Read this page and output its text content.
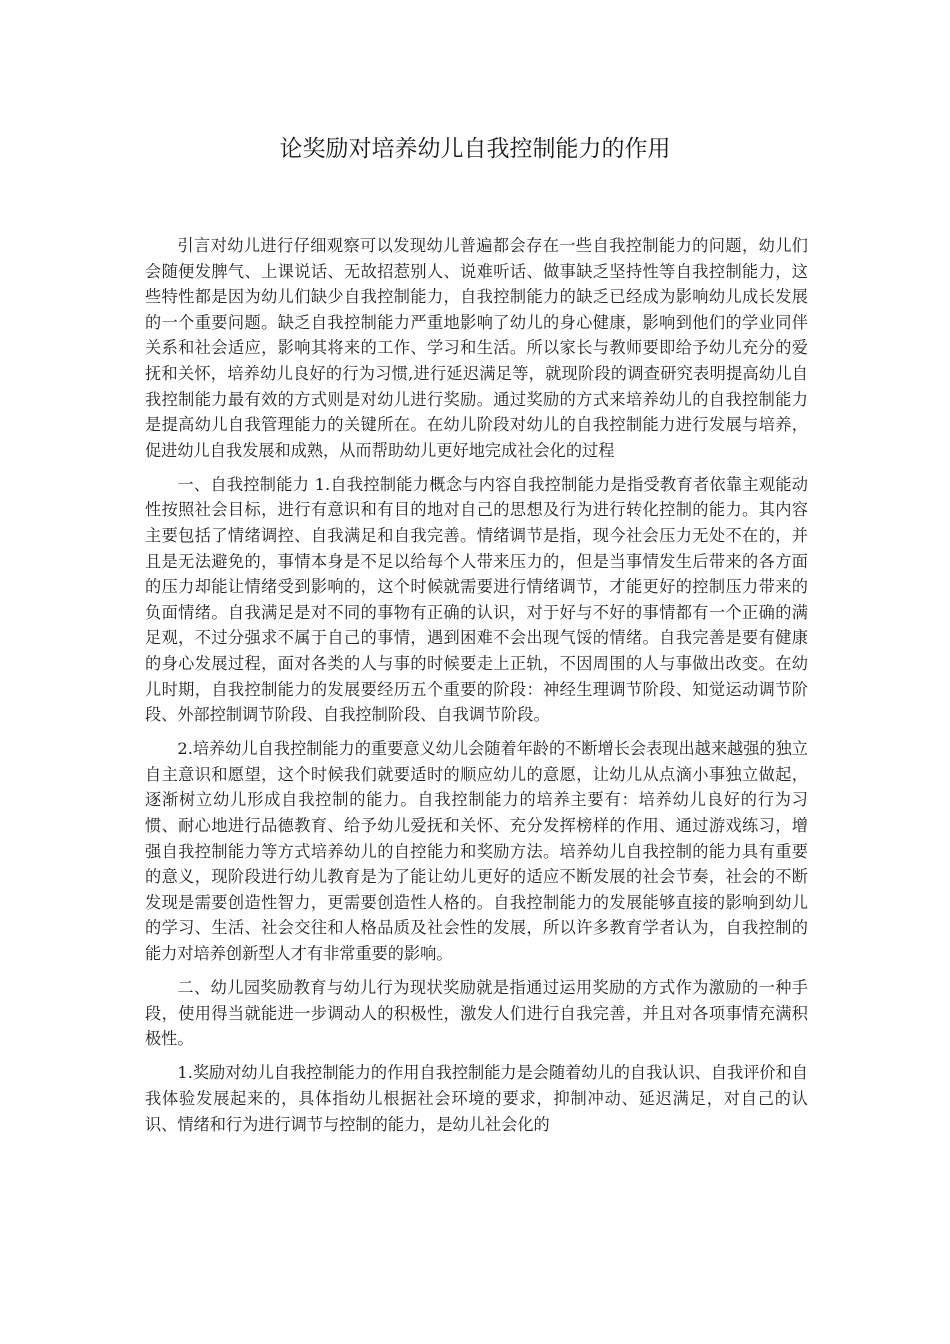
论奖励对培养幼儿自我控制能力的作用

引言对幼儿进行仔细观察可以发现幼儿普遍都会存在一些自我控制能力的问题，幼儿们会随便发脾气、上课说话、无故招惹别人、说难听话、做事缺乏坚持性等自我控制能力，这些特性都是因为幼儿们缺少自我控制能力，自我控制能力的缺乏已经成为影响幼儿成长发展的一个重要问题。缺乏自我控制能力严重地影响了幼儿的身心健康，影响到他们的学业同伴关系和社会适应，影响其将来的工作、学习和生活。所以家长与教师要即给予幼儿充分的爱抚和关怀，培养幼儿良好的行为习惯,进行延迟满足等，就现阶段的调查研究表明提高幼儿自我控制能力最有效的方式则是对幼儿进行奖励。通过奖励的方式来培养幼儿的自我控制能力是提高幼儿自我管理能力的关键所在。在幼儿阶段对幼儿的自我控制能力进行发展与培养，促进幼儿自我发展和成熟，从而帮助幼儿更好地完成社会化的过程

一、自我控制能力 1.自我控制能力概念与内容自我控制能力是指受教育者依靠主观能动性按照社会目标，进行有意识和有目的地对自己的思想及行为进行转化控制的能力。其内容主要包括了情绪调控、自我满足和自我完善。情绪调节是指，现今社会压力无处不在的，并且是无法避免的，事情本身是不足以给每个人带来压力的，但是当事情发生后带来的各方面的压力却能让情绪受到影响的，这个时候就需要进行情绪调节，才能更好的控制压力带来的负面情绪。自我满足是对不同的事物有正确的认识，对于好与不好的事情都有一个正确的满足观，不过分强求不属于自己的事情，遇到困难不会出现气馁的情绪。自我完善是要有健康的身心发展过程，面对各类的人与事的时候要走上正轨，不因周围的人与事做出改变。在幼儿时期，自我控制能力的发展要经历五个重要的阶段：神经生理调节阶段、知觉运动调节阶段、外部控制调节阶段、自我控制阶段、自我调节阶段。

2.培养幼儿自我控制能力的重要意义幼儿会随着年龄的不断增长会表现出越来越强的独立自主意识和愿望，这个时候我们就要适时的顺应幼儿的意愿，让幼儿从点滴小事独立做起，逐渐树立幼儿形成自我控制的能力。自我控制能力的培养主要有：培养幼儿良好的行为习惯、耐心地进行品德教育、给予幼儿爱抚和关怀、充分发挥榜样的作用、通过游戏练习，增强自我控制能力等方式培养幼儿的自控能力和奖励方法。培养幼儿自我控制的能力具有重要的意义，现阶段进行幼儿教育是为了能让幼儿更好的适应不断发展的社会节奏，社会的不断发现是需要创造性智力，更需要创造性人格的。自我控制能力的发展能够直接的影响到幼儿的学习、生活、社会交往和人格品质及社会性的发展，所以许多教育学者认为，自我控制的能力对培养创新型人才有非常重要的影响。

二、幼儿园奖励教育与幼儿行为现状奖励就是指通过运用奖励的方式作为激励的一种手段，使用得当就能进一步调动人的积极性，激发人们进行自我完善，并且对各项事情充满积极性。

1.奖励对幼儿自我控制能力的作用自我控制能力是会随着幼儿的自我认识、自我评价和自我体验发展起来的，具体指幼儿根据社会环境的要求，抑制冲动、延迟满足，对自己的认识、情绪和行为进行调节与控制的能力，是幼儿社会化的
